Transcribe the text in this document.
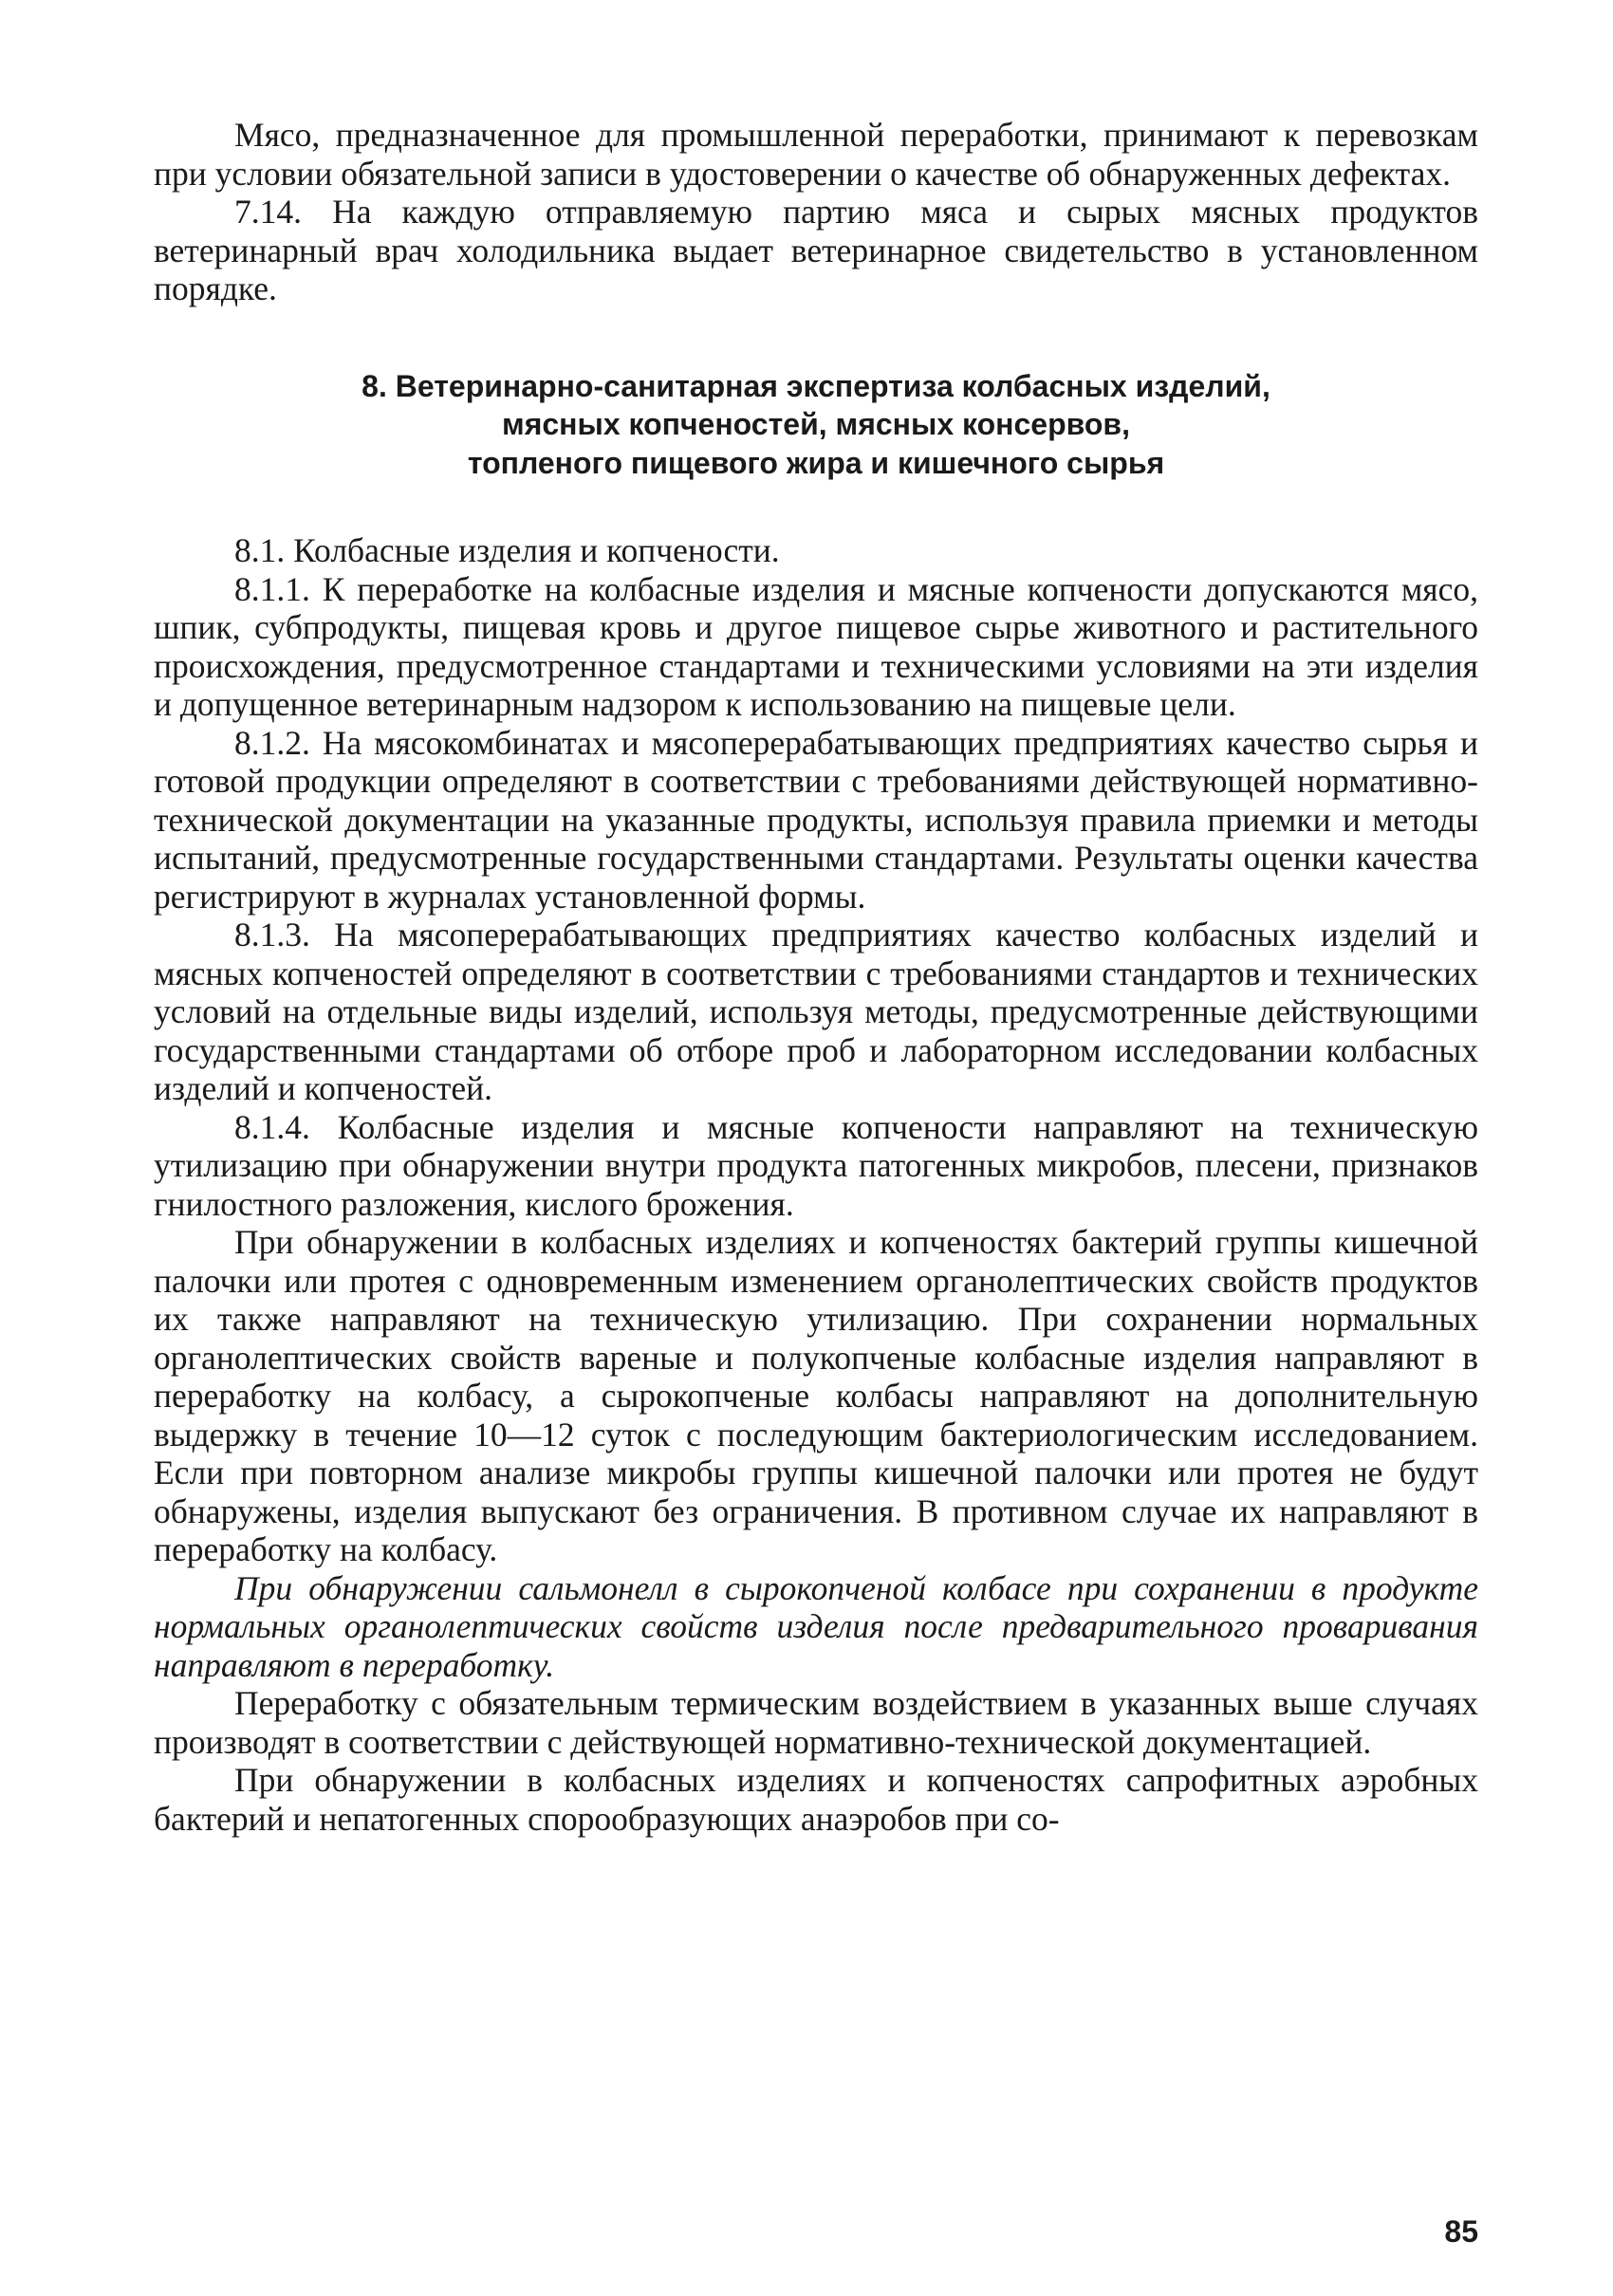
Мясо, предназначенное для промышленной переработки, принимают к перевозкам при условии обязательной записи в удостоверении о качестве об обнаруженных дефектах.

7.14. На каждую отправляемую партию мяса и сырых мясных продуктов ветеринарный врач холодильника выдает ветеринарное свидетельство в установленном порядке.

8. Ветеринарно-санитарная экспертиза колбасных изделий,
мясных копченостей, мясных консервов,
топленого пищевого жира и кишечного сырья

8.1. Колбасные изделия и копчености.

8.1.1. К переработке на колбасные изделия и мясные копчености допускаются мясо, шпик, субпродукты, пищевая кровь и другое пищевое сырье животного и растительного происхождения, предусмотренное стандартами и техническими условиями на эти изделия и допущенное ветеринарным надзором к использованию на пищевые цели.

8.1.2. На мясокомбинатах и мясоперерабатывающих предприятиях качество сырья и готовой продукции определяют в соответствии с требованиями действующей нормативно-технической документации на указанные продукты, используя правила приемки и методы испытаний, предусмотренные государственными стандартами. Результаты оценки качества регистрируют в журналах установленной формы.

8.1.3. На мясоперерабатывающих предприятиях качество колбасных изделий и мясных копченостей определяют в соответствии с требованиями стандартов и технических условий на отдельные виды изделий, используя методы, предусмотренные действующими государственными стандартами об отборе проб и лабораторном исследовании колбасных изделий и копченостей.

8.1.4. Колбасные изделия и мясные копчености направляют на техническую утилизацию при обнаружении внутри продукта патогенных микробов, плесени, признаков гнилостного разложения, кислого брожения.

При обнаружении в колбасных изделиях и копченостях бактерий группы кишечной палочки или протея с одновременным изменением органолептических свойств продуктов их также направляют на техническую утилизацию. При сохранении нормальных органолептических свойств вареные и полукопченые колбасные изделия направляют в переработку на колбасу, а сырокопченые колбасы направляют на дополнительную выдержку в течение 10—12 суток с последующим бактериологическим исследованием. Если при повторном анализе микробы группы кишечной палочки или протея не будут обнаружены, изделия выпускают без ограничения. В противном случае их направляют в переработку на колбасу.

При обнаружении сальмонелл в сырокопченой колбасе при сохранении в продукте нормальных органолептических свойств изделия после предварительного проваривания направляют в переработку.

Переработку с обязательным термическим воздействием в указанных выше случаях производят в соответствии с действующей нормативно-технической документацией.

При обнаружении в колбасных изделиях и копченостях сапрофитных аэробных бактерий и непатогенных спорообразующих анаэробов при со-

85
